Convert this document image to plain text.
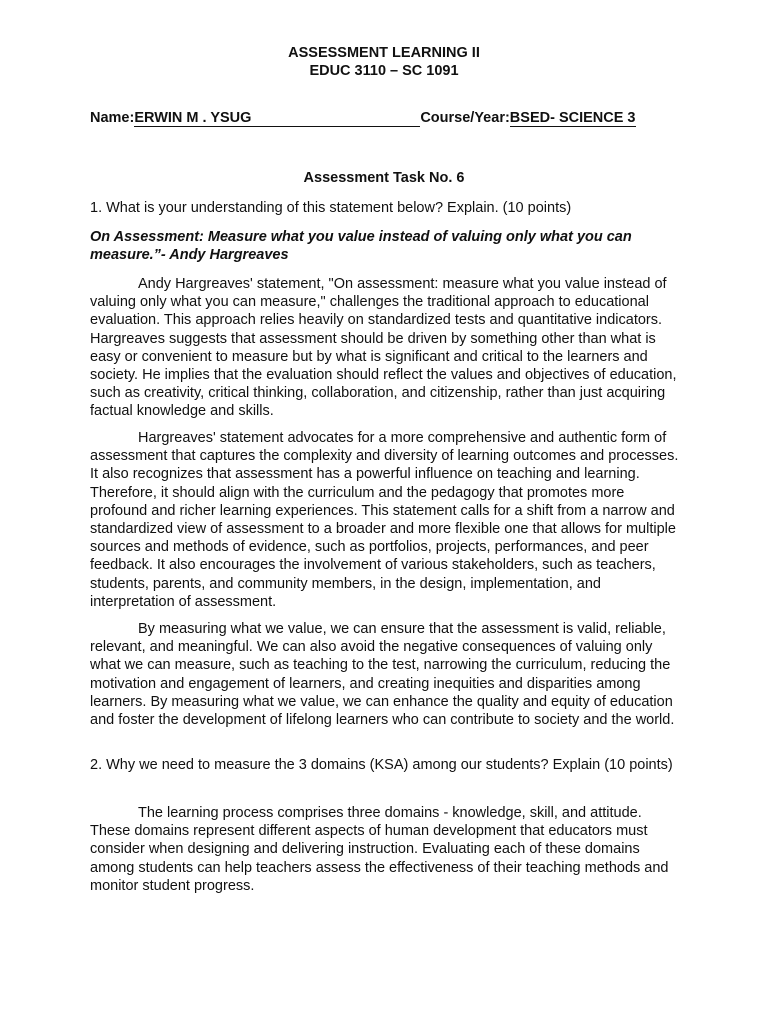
ASSESSMENT LEARNING II
EDUC 3110 – SC 1091
Name:ERWIN M . YSUG	Course/Year:BSED- SCIENCE 3
Assessment Task No. 6

1. What is your understanding of this statement below? Explain. (10 points)

On Assessment: Measure what you value instead of valuing only what you can measure.”- Andy Hargreaves

Andy Hargreaves' statement, "On assessment: measure what you value instead of valuing only what you can measure," challenges the traditional approach to educational evaluation. This approach relies heavily on standardized tests and quantitative indicators. Hargreaves suggests that assessment should be driven by something other than what is easy or convenient to measure but by what is significant and critical to the learners and society. He implies that the evaluation should reflect the values and objectives of education, such as creativity, critical thinking, collaboration, and citizenship, rather than just acquiring factual knowledge and skills.

Hargreaves' statement advocates for a more comprehensive and authentic form of assessment that captures the complexity and diversity of learning outcomes and processes. It also recognizes that assessment has a powerful influence on teaching and learning. Therefore, it should align with the curriculum and the pedagogy that promotes more profound and richer learning experiences. This statement calls for a shift from a narrow and standardized view of assessment to a broader and more flexible one that allows for multiple sources and methods of evidence, such as portfolios, projects, performances, and peer feedback. It also encourages the involvement of various stakeholders, such as teachers, students, parents, and community members, in the design, implementation, and interpretation of assessment.

By measuring what we value, we can ensure that the assessment is valid, reliable, relevant, and meaningful. We can also avoid the negative consequences of valuing only what we can measure, such as teaching to the test, narrowing the curriculum, reducing the motivation and engagement of learners, and creating inequities and disparities among learners. By measuring what we value, we can enhance the quality and equity of education and foster the development of lifelong learners who can contribute to society and the world.

2. Why we need to measure the 3 domains (KSA) among our students? Explain (10 points)

The learning process comprises three domains - knowledge, skill, and attitude. These domains represent different aspects of human development that educators must consider when designing and delivering instruction. Evaluating each of these domains among students can help teachers assess the effectiveness of their teaching methods and monitor student progress.
